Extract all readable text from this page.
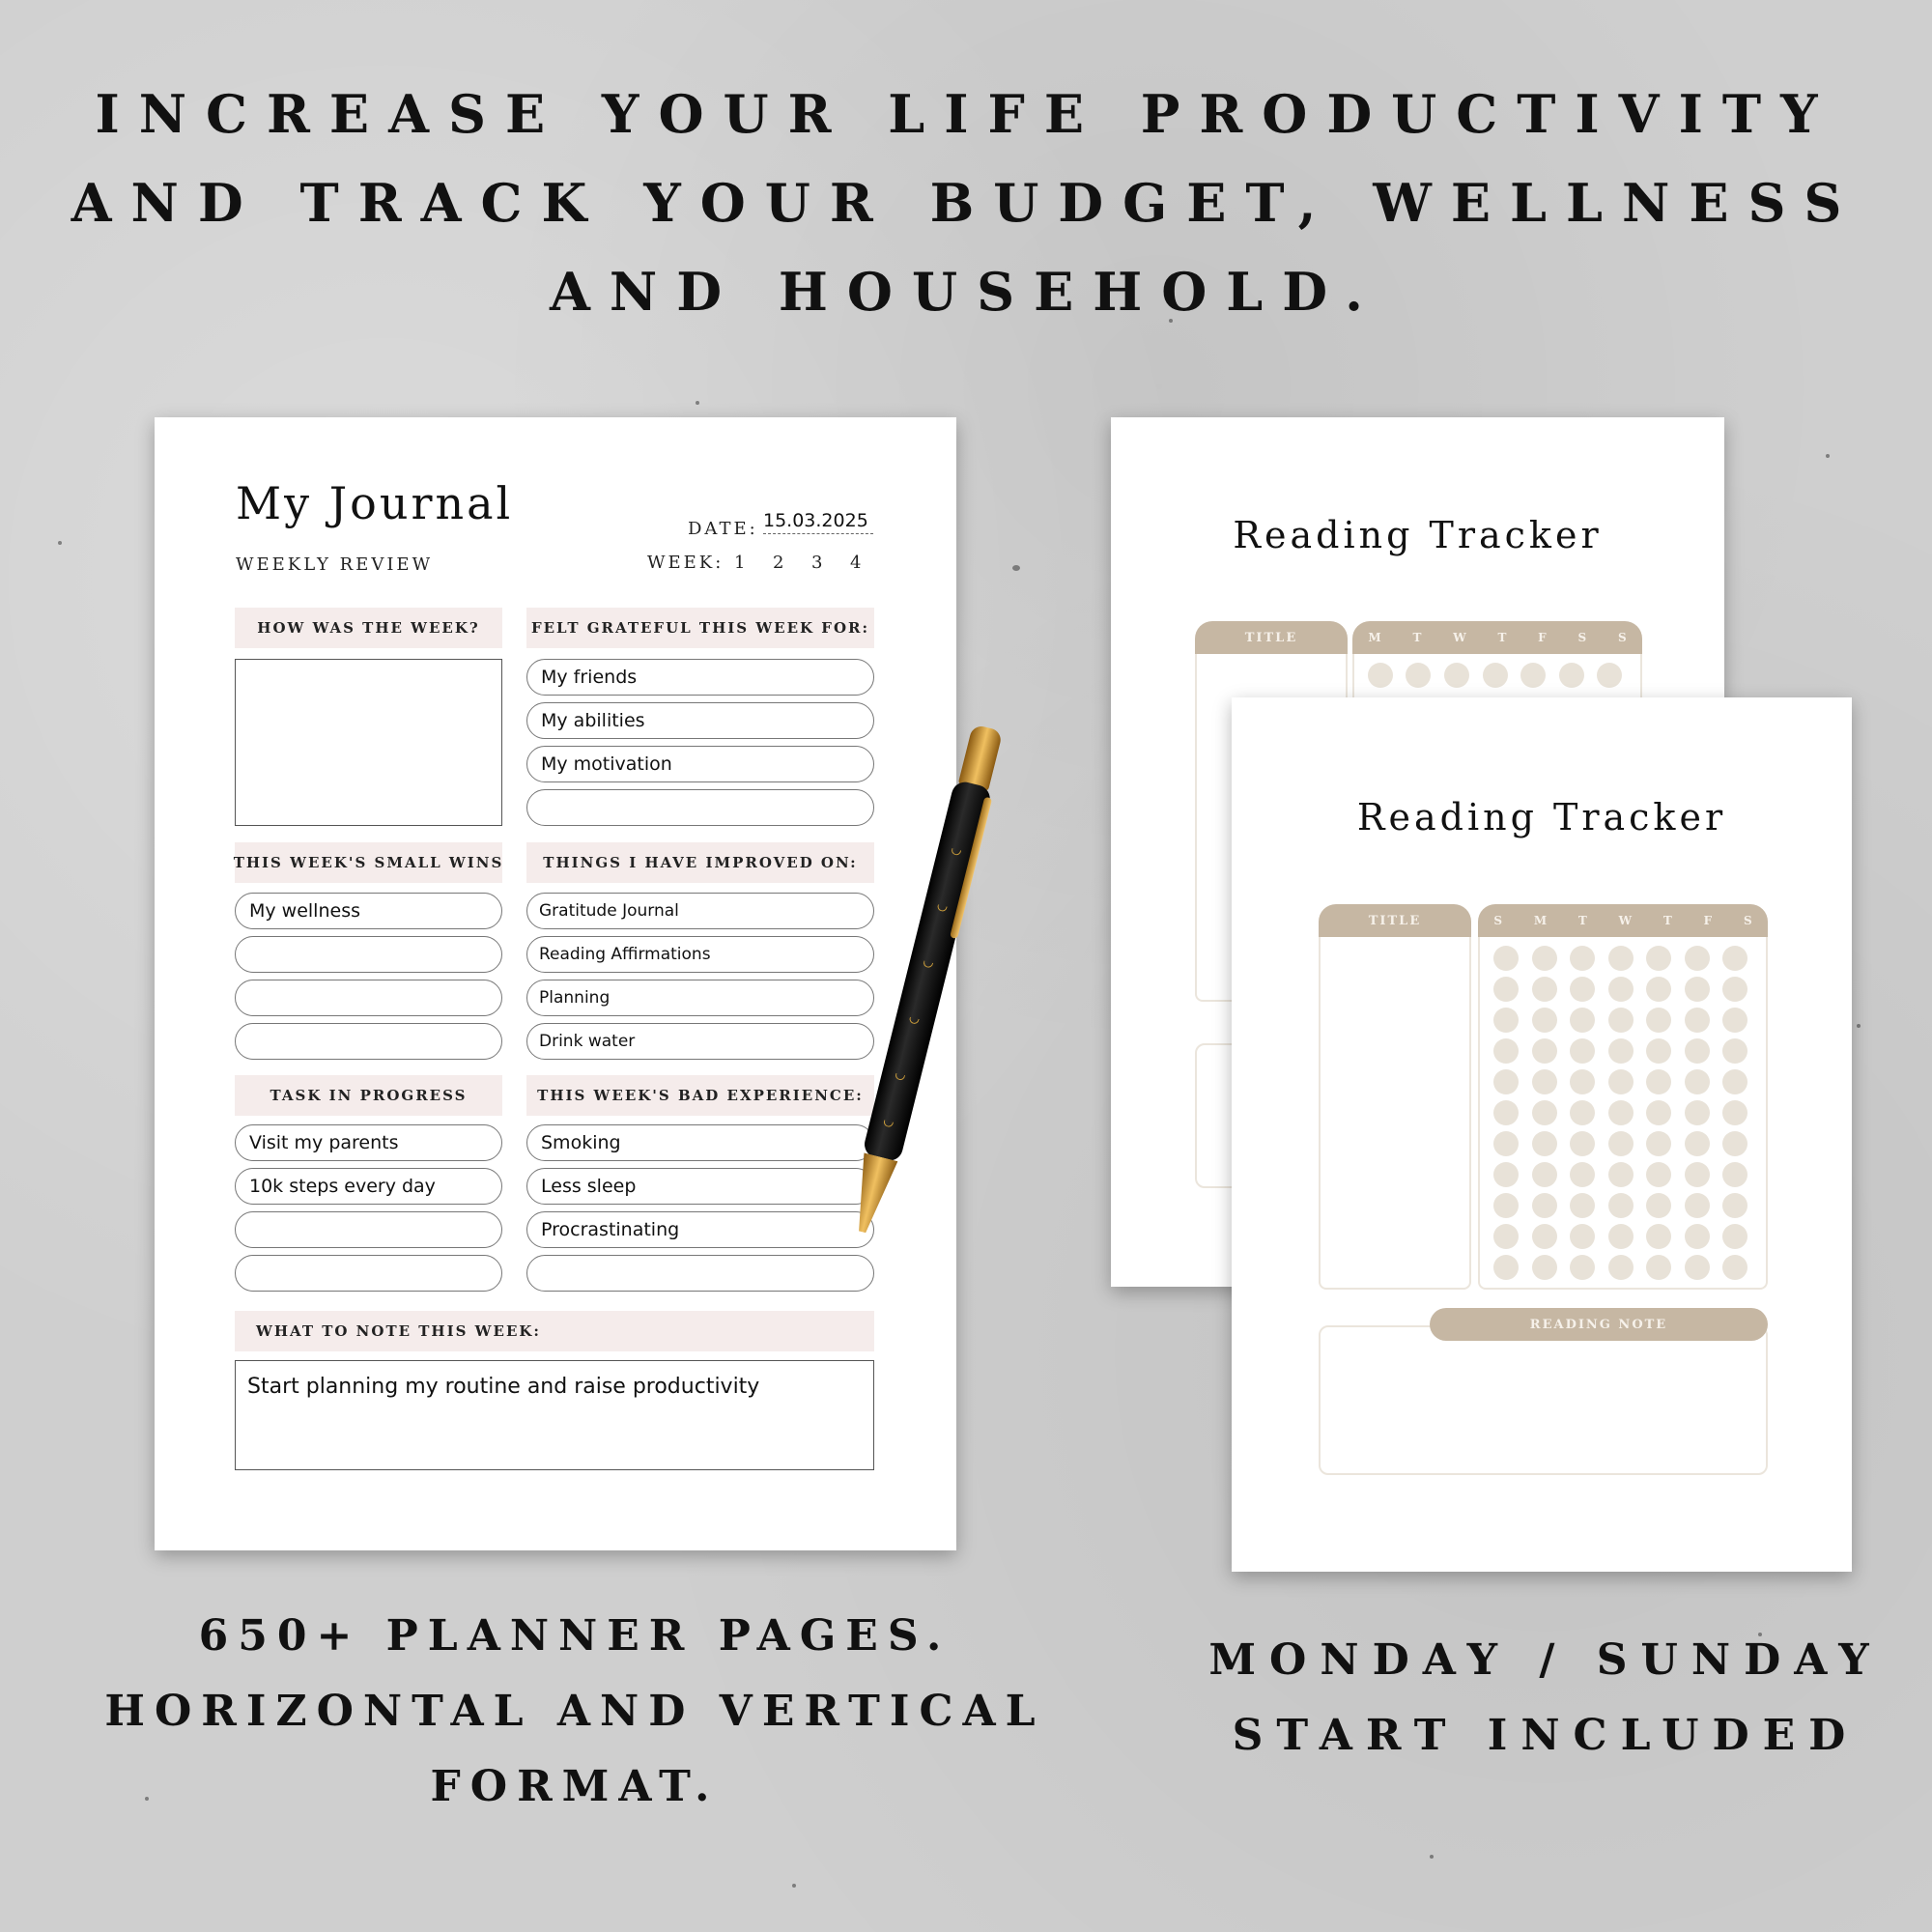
INCREASE YOUR LIFE PRODUCTIVITY
AND TRACK YOUR BUDGET, WELLNESS
AND HOUSEHOLD.
My Journal
WEEKLY REVIEW
DATE: 15.03.2025
WEEK: 1 2 3 4
HOW WAS THE WEEK?	FELT GRATEFUL THIS WEEK FOR:
My friends
My abilities
My motivation
THIS WEEK'S SMALL WINS
My wellness
THINGS I HAVE IMPROVED ON:
Gratitude Journal
Reading Affirmations
Planning
Drink water
TASK IN PROGRESS
Visit my parents
10k steps every day
THIS WEEK'S BAD EXPERIENCE:
Smoking
Less sleep
Procrastinating
WHAT TO NOTE THIS WEEK:
Start planning my routine and raise productivity
Reading Tracker
TITLE	M	T	W	T	F	S	S
Reading Tracker
TITLE	S	M	T	W	T	F	S
READING NOTE
650+ PLANNER PAGES.
HORIZONTAL AND VERTICAL
FORMAT.
MONDAY / SUNDAY
START INCLUDED
